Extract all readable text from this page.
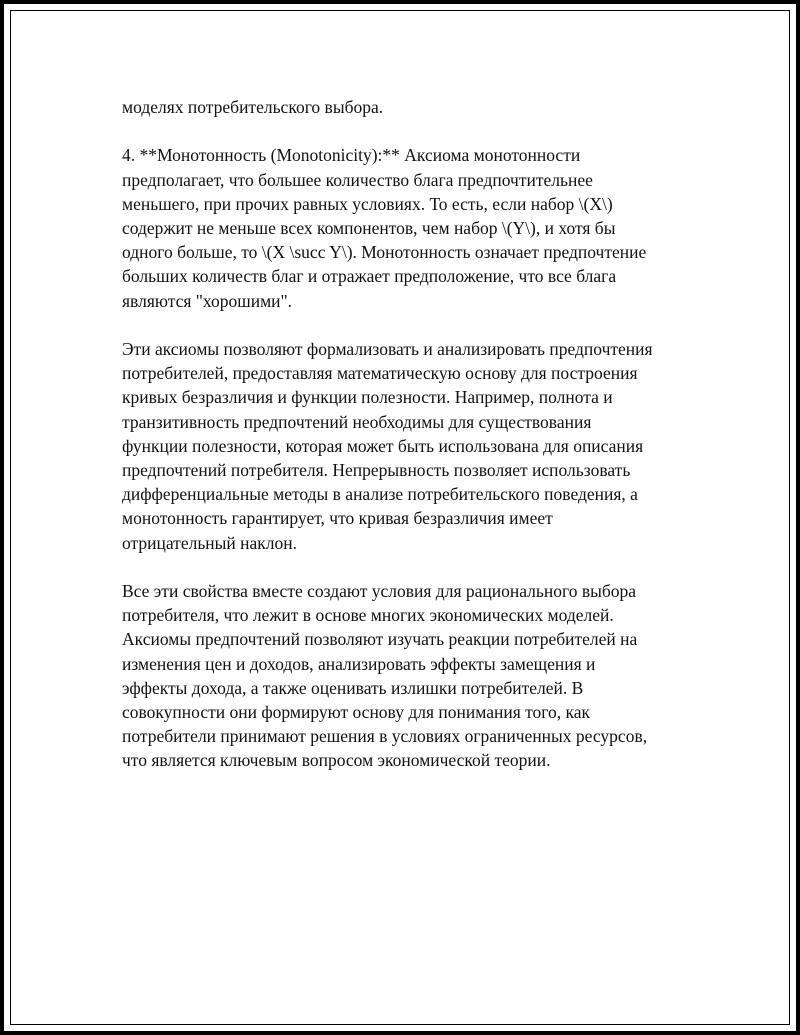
моделях потребительского выбора.

4. **Монотонность (Monotonicity):** Аксиома монотонности
предполагает, что большее количество блага предпочтительнее
меньшего, при прочих равных условиях. То есть, если набор \(X\)
содержит не меньше всех компонентов, чем набор \(Y\), и хотя бы
одного больше, то \(X \succ Y\). Монотонность означает предпочтение
больших количеств благ и отражает предположение, что все блага
являются "хорошими".

Эти аксиомы позволяют формализовать и анализировать предпочтения
потребителей, предоставляя математическую основу для построения
кривых безразличия и функции полезности. Например, полнота и
транзитивность предпочтений необходимы для существования
функции полезности, которая может быть использована для описания
предпочтений потребителя. Непрерывность позволяет использовать
дифференциальные методы в анализе потребительского поведения, а
монотонность гарантирует, что кривая безразличия имеет
отрицательный наклон.

Все эти свойства вместе создают условия для рационального выбора
потребителя, что лежит в основе многих экономических моделей.
Аксиомы предпочтений позволяют изучать реакции потребителей на
изменения цен и доходов, анализировать эффекты замещения и
эффекты дохода, а также оценивать излишки потребителей. В
совокупности они формируют основу для понимания того, как
потребители принимают решения в условиях ограниченных ресурсов,
что является ключевым вопросом экономической теории.
